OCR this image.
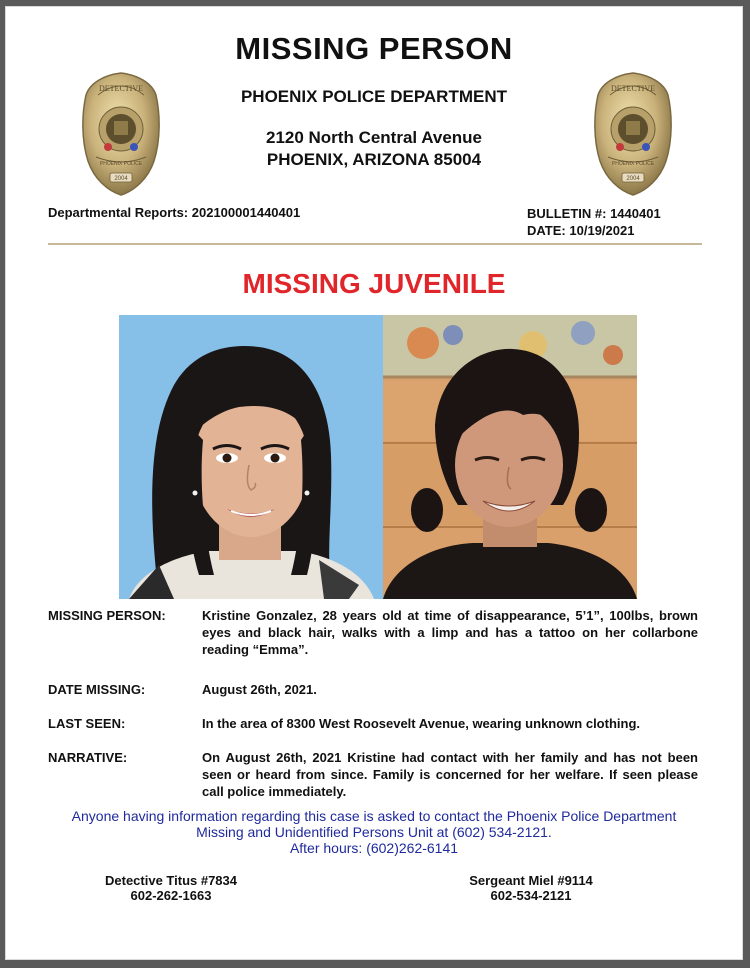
MISSING PERSON
PHOENIX POLICE DEPARTMENT
2120 North Central Avenue
PHOENIX, ARIZONA 85004
DETECTIVE
PHOENIX POLICE
2004
DETECTIVE
PHOENIX POLICE
2004
Departmental Reports: 202100001440401	BULLETIN #: 1440401
DATE: 10/19/2021
MISSING JUVENILE
MISSING PERSON:	Kristine Gonzalez, 28 years old at time of disappearance, 5’1”, 100lbs, brown eyes and black hair, walks with a limp and has a tattoo on her collarbone reading “Emma”.
DATE MISSING:	August 26th, 2021.
LAST SEEN:	In the area of 8300 West Roosevelt Avenue, wearing unknown clothing.
NARRATIVE:	On August 26th, 2021 Kristine had contact with her family and has not been seen or heard from since. Family is concerned for her welfare. If seen please call police immediately.
Anyone having information regarding this case is asked to contact the Phoenix Police Department
Missing and Unidentified Persons Unit at (602) 534-2121.
After hours: (602)262-6141
Detective Titus #7834
602-262-1663
Sergeant Miel #9114
602-534-2121
